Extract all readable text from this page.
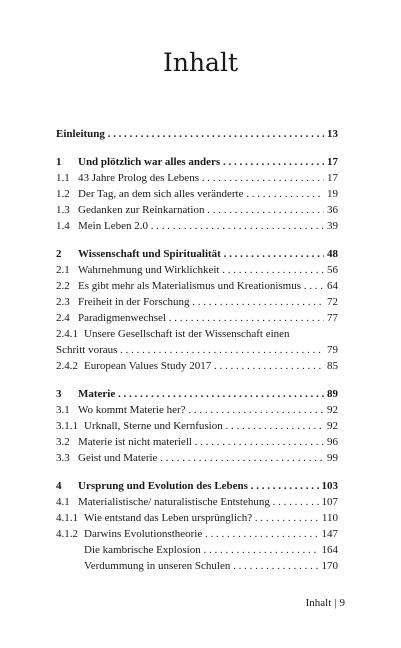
Inhalt
Einleitung . . .	13
1 Und plötzlich war alles anders . . .	17
1.1 43 Jahre Prolog des Lebens . . .	17
1.2 Der Tag, an dem sich alles veränderte . . .	19
1.3 Gedanken zur Reinkarnation . . .	36
1.4 Mein Leben 2.0 . . .	39
2 Wissenschaft und Spiritualität . . .	48
2.1 Wahrnehmung und Wirklichkeit . . .	56
2.2 Es gibt mehr als Materialismus und Kreationismus . . .	64
2.3 Freiheit in der Forschung . . .	72
2.4 Paradigmenwechsel . . .	77
2.4.1 Unsere Gesellschaft ist der Wissenschaft einen
Schritt voraus . . .	79
2.4.2 European Values Study 2017 . . .	85
3 Materie . . .	89
3.1 Wo kommt Materie her? . . .	92
3.1.1 Urknall, Sterne und Kernfusion . . .	92
3.2 Materie ist nicht materiell . . .	96
3.3 Geist und Materie . . .	99
4 Ursprung und Evolution des Lebens . . .	103
4.1 Materialistische/ naturalistische Entstehung . . .	107
4.1.1 Wie entstand das Leben ursprünglich? . . .	110
4.1.2 Darwins Evolutionstheorie . . .	147
Die kambrische Explosion . . .	164
Verdummung in unseren Schulen . . .	170
Inhalt | 9
